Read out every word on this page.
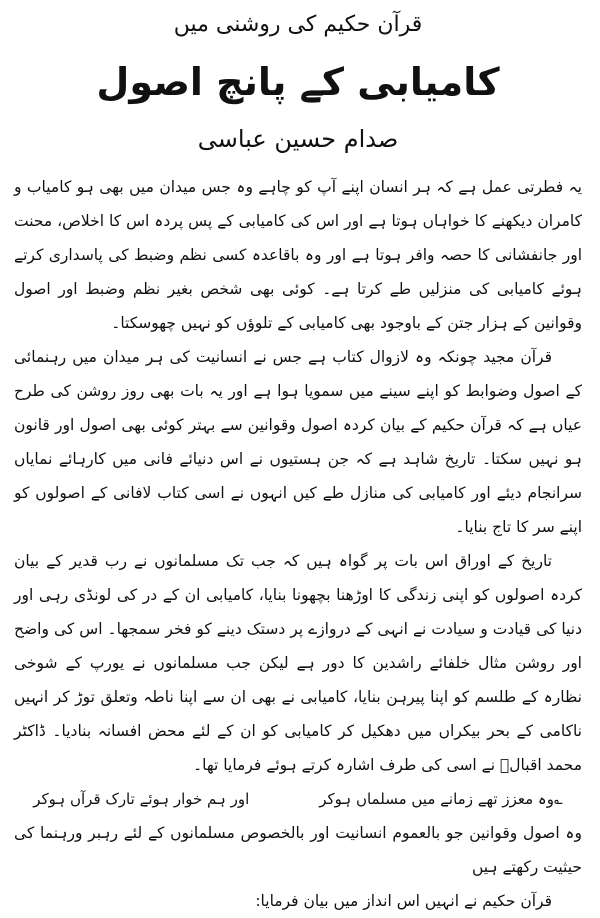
قرآن حکیم کی روشنی میں

کامیابی کے پانچ اصول

صدام حسین عباسی

یہ فطرتی عمل ہے کہ ہر انسان اپنے آپ کو چاہے وہ جس میدان میں بھی ہو کامیاب و کامران دیکھنے کا خواہاں ہوتا ہے اور اس کی کامیابی کے پس پردہ اس کا اخلاص، محنت اور جانفشانی کا حصہ وافر ہوتا ہے اور وہ باقاعدہ کسی نظم وضبط کی پاسداری کرتے ہوئے کامیابی کی منزلیں طے کرتا ہے۔ کوئی بھی شخص بغیر نظم وضبط اور اصول وقوانین کے ہزار جتن کے باوجود بھی کامیابی کے تلوؤں کو نہیں چھوسکتا۔

قرآن مجید چونکہ وہ لازوال کتاب ہے جس نے انسانیت کی ہر میدان میں رہنمائی کے اصول وضوابط کو اپنے سینے میں سمویا ہوا ہے اور یہ بات بھی روز روشن کی طرح عیاں ہے کہ قرآن حکیم کے بیان کردہ اصول وقوانین سے بہتر کوئی بھی اصول اور قانون ہو نہیں سکتا۔ تاریخ شاہد ہے کہ جن ہستیوں نے اس دنیائے فانی میں کارہائے نمایاں سرانجام دیئے اور کامیابی کی منازل طے کیں انہوں نے اسی کتاب لافانی کے اصولوں کو اپنے سر کا تاج بنایا۔

تاریخ کے اوراق اس بات پر گواہ ہیں کہ جب تک مسلمانوں نے رب قدیر کے بیان کردہ اصولوں کو اپنی زندگی کا اوڑھنا بچھونا بنایا، کامیابی ان کے در کی لونڈی رہی اور دنیا کی قیادت و سیادت نے انہی کے دروازے پر دستک دینے کو فخر سمجھا۔ اس کی واضح اور روشن مثال خلفائے راشدین کا دور ہے لیکن جب مسلمانوں نے یورپ کے شوخی نظارہ کے طلسم کو اپنا پیرہن بنایا، کامیابی نے بھی ان سے اپنا ناطہ وتعلق توڑ کر انہیں ناکامی کے بحر بیکراں میں دھکیل کر کامیابی کو ان کے لئے محض افسانہ بنادیا۔ ڈاکٹر محمد اقبالؒ نے اسی کی طرف اشارہ کرتے ہوئے فرمایا تھا۔

؎وہ معزز تھے زمانے میں مسلماں ہوکر
اور ہم خوار ہوئے تارک قرآں ہوکر

وہ اصول وقوانین جو بالعموم انسانیت اور بالخصوص مسلمانوں کے لئے رہبر ورہنما کی حیثیت رکھتے ہیں

قرآن حکیم نے انہیں اس انداز میں بیان فرمایا:
